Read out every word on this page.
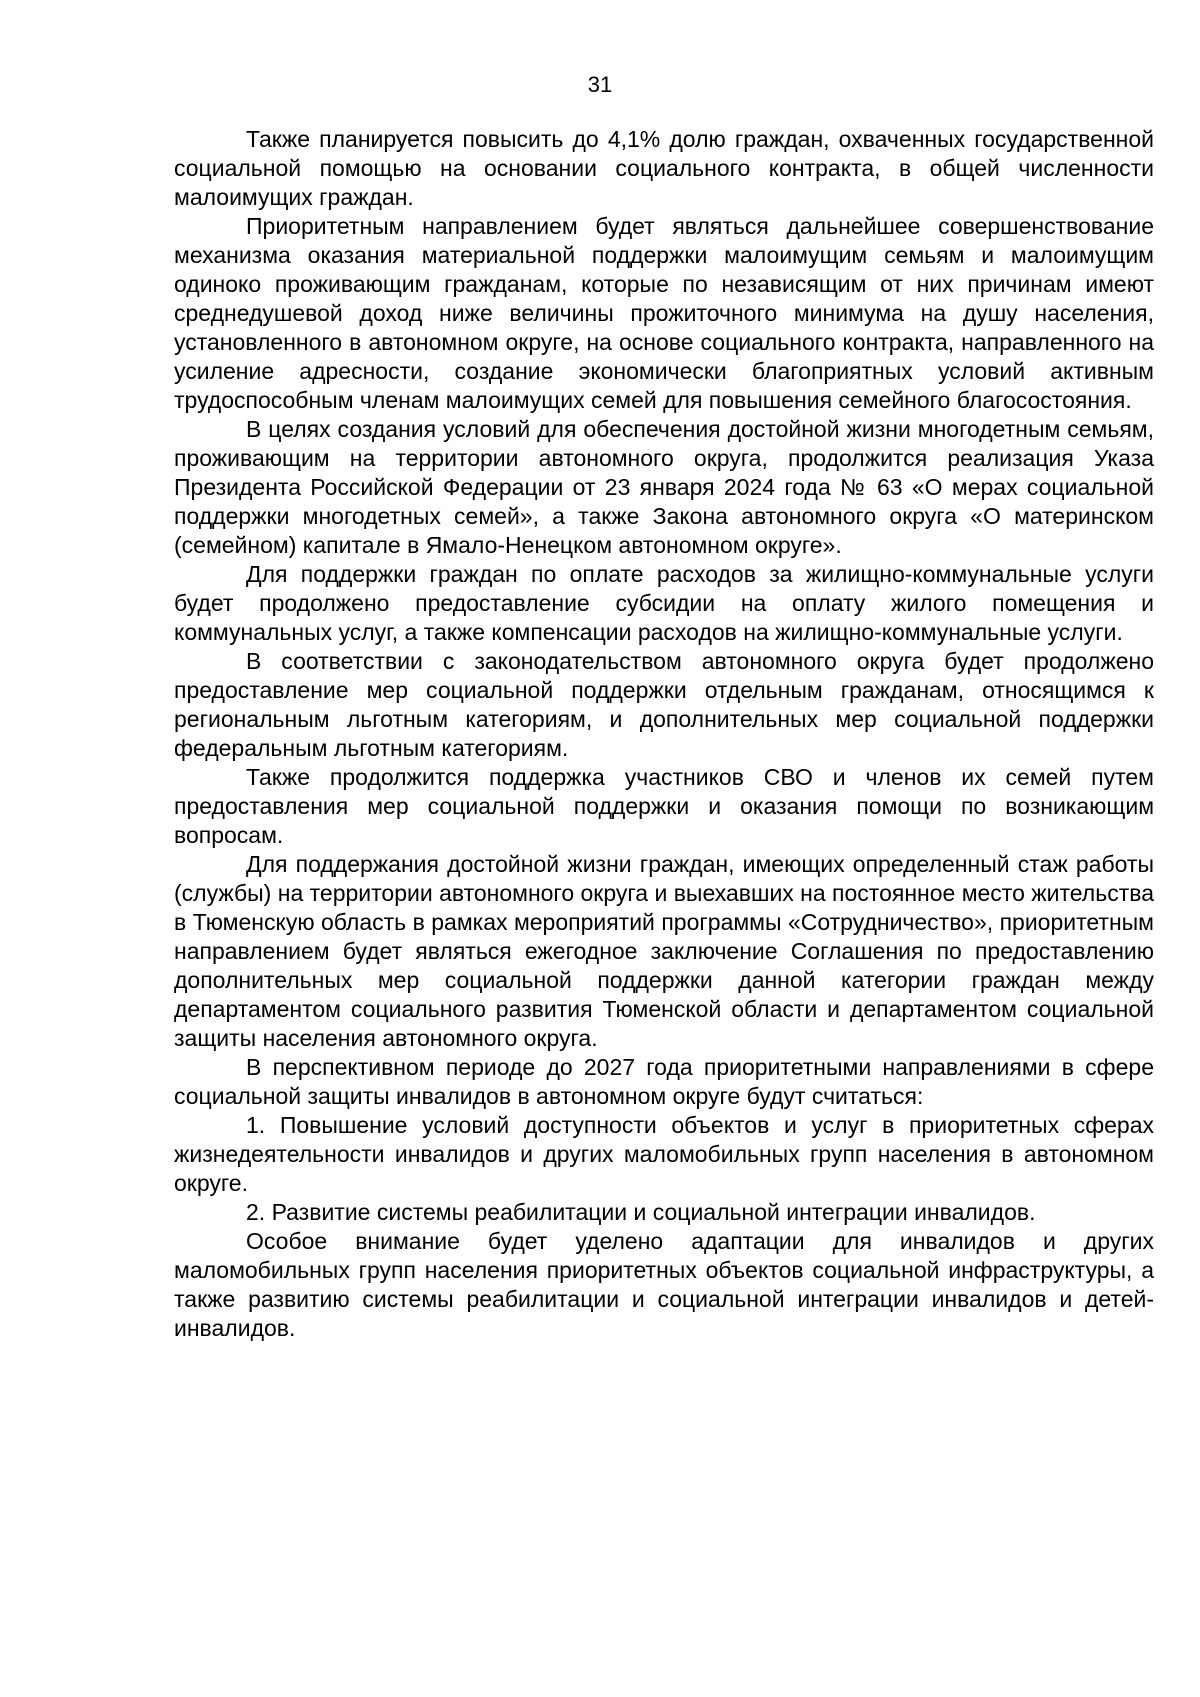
31

Также планируется повысить до 4,1% долю граждан, охваченных государственной социальной помощью на основании социального контракта, в общей численности малоимущих граждан.

Приоритетным направлением будет являться дальнейшее совершенствование механизма оказания материальной поддержки малоимущим семьям и малоимущим одиноко проживающим гражданам, которые по независящим от них причинам имеют среднедушевой доход ниже величины прожиточного минимума на душу населения, установленного в автономном округе, на основе социального контракта, направленного на усиление адресности, создание экономически благоприятных условий активным трудоспособным членам малоимущих семей для повышения семейного благосостояния.

В целях создания условий для обеспечения достойной жизни многодетным семьям, проживающим на территории автономного округа, продолжится реализация Указа Президента Российской Федерации от 23 января 2024 года № 63 «О мерах социальной поддержки многодетных семей», а также Закона автономного округа «О материнском (семейном) капитале в Ямало-Ненецком автономном округе».

Для поддержки граждан по оплате расходов за жилищно-коммунальные услуги будет продолжено предоставление субсидии на оплату жилого помещения и коммунальных услуг, а также компенсации расходов на жилищно-коммунальные услуги.

В соответствии с законодательством автономного округа будет продолжено предоставление мер социальной поддержки отдельным гражданам, относящимся к региональным льготным категориям, и дополнительных мер социальной поддержки федеральным льготным категориям.

Также продолжится поддержка участников СВО и членов их семей путем предоставления мер социальной поддержки и оказания помощи по возникающим вопросам.

Для поддержания достойной жизни граждан, имеющих определенный стаж работы (службы) на территории автономного округа и выехавших на постоянное место жительства в Тюменскую область в рамках мероприятий программы «Сотрудничество», приоритетным направлением будет являться ежегодное заключение Соглашения по предоставлению дополнительных мер социальной поддержки данной категории граждан между департаментом социального развития Тюменской области и департаментом социальной защиты населения автономного округа.

В перспективном периоде до 2027 года приоритетными направлениями в сфере социальной защиты инвалидов в автономном округе будут считаться:

1. Повышение условий доступности объектов и услуг в приоритетных сферах жизнедеятельности инвалидов и других маломобильных групп населения в автономном округе.

2. Развитие системы реабилитации и социальной интеграции инвалидов.

Особое внимание будет уделено адаптации для инвалидов и других маломобильных групп населения приоритетных объектов социальной инфраструктуры, а также развитию системы реабилитации и социальной интеграции инвалидов и детей-инвалидов.
